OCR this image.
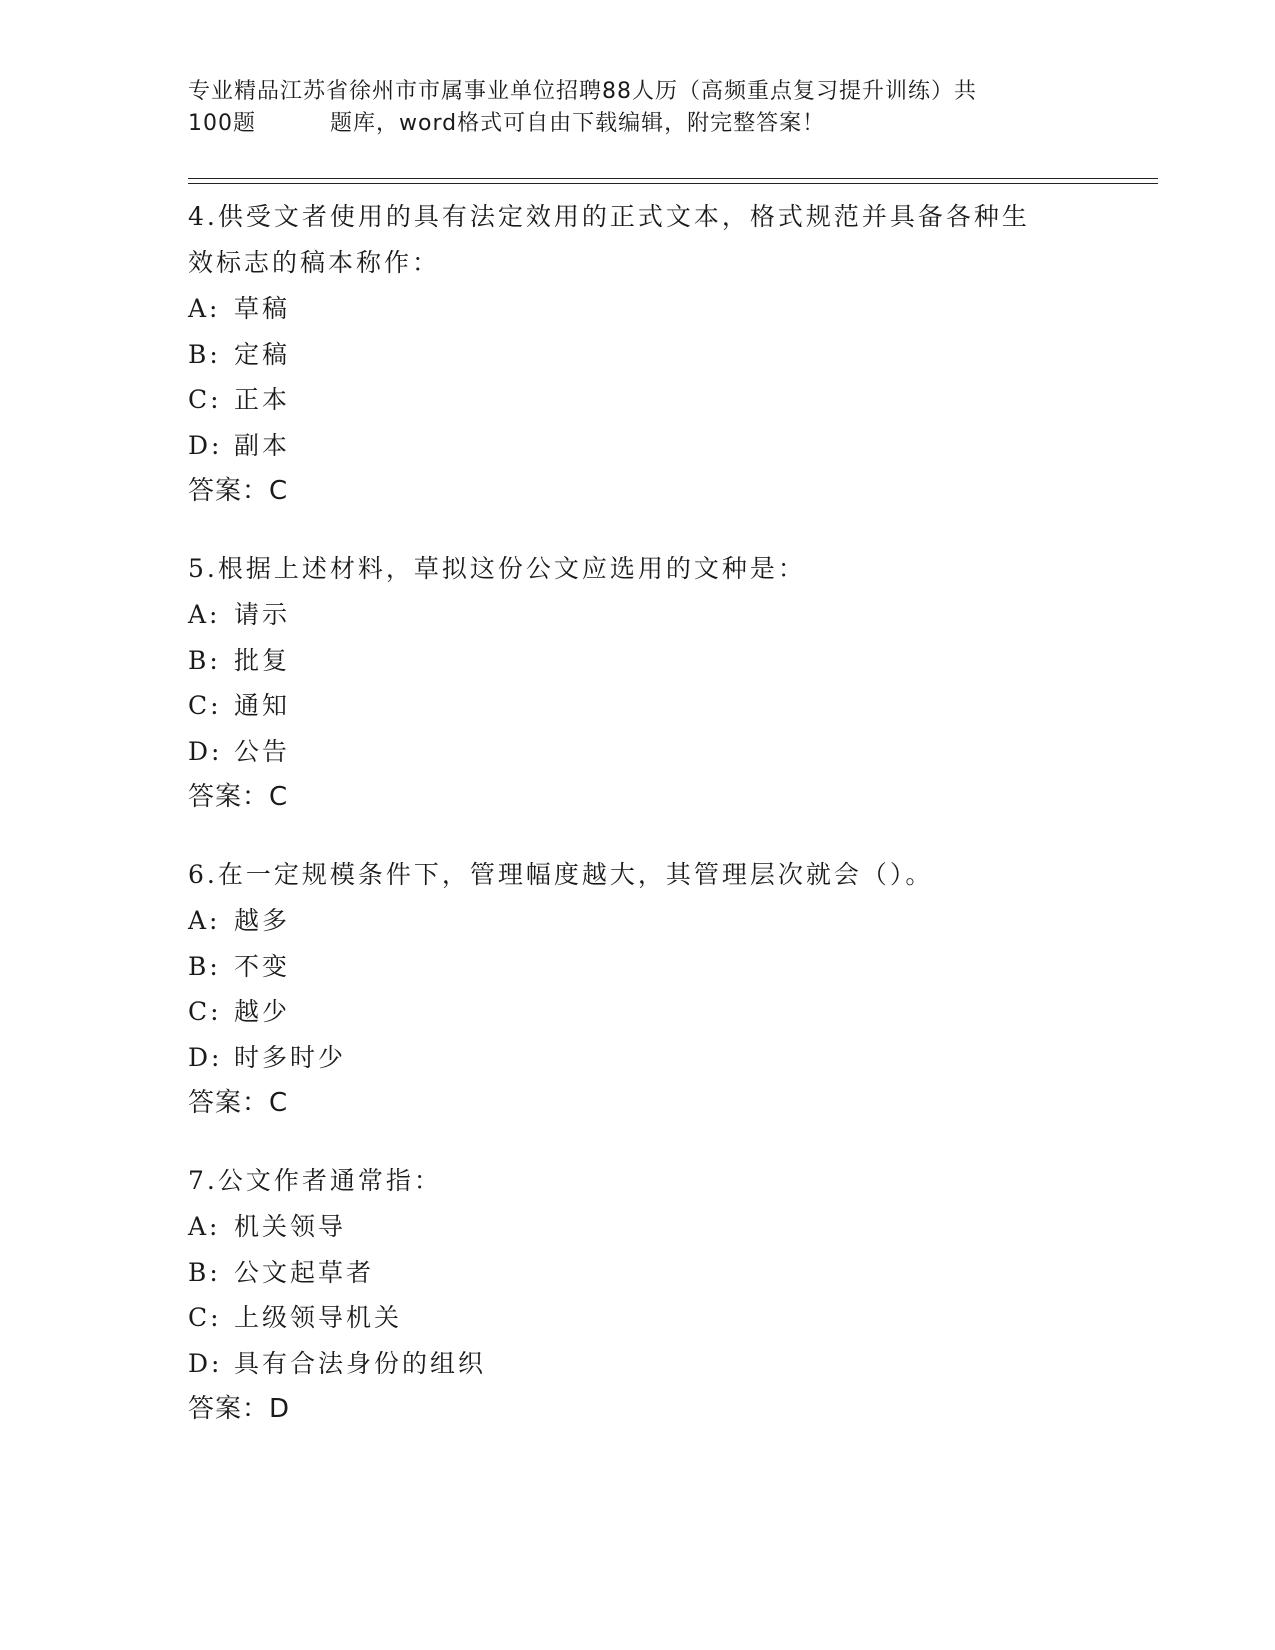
专业精品江苏省徐州市市属事业单位招聘88人历（高频重点复习提升训练）共
100题	题库，word格式可自由下载编辑，附完整答案！
4.供受文者使用的具有法定效用的正式文本，格式规范并具备各种生
效标志的稿本称作：
A: 草稿
B: 定稿
C: 正本
D: 副本
答案：C
5.根据上述材料，草拟这份公文应选用的文种是：
A: 请示
B: 批复
C: 通知
D: 公告
答案：C
6.在一定规模条件下，管理幅度越大，其管理层次就会（）。
A: 越多
B: 不变
C: 越少
D: 时多时少
答案：C
7.公文作者通常指：
A: 机关领导
B: 公文起草者
C: 上级领导机关
D: 具有合法身份的组织
答案：D
